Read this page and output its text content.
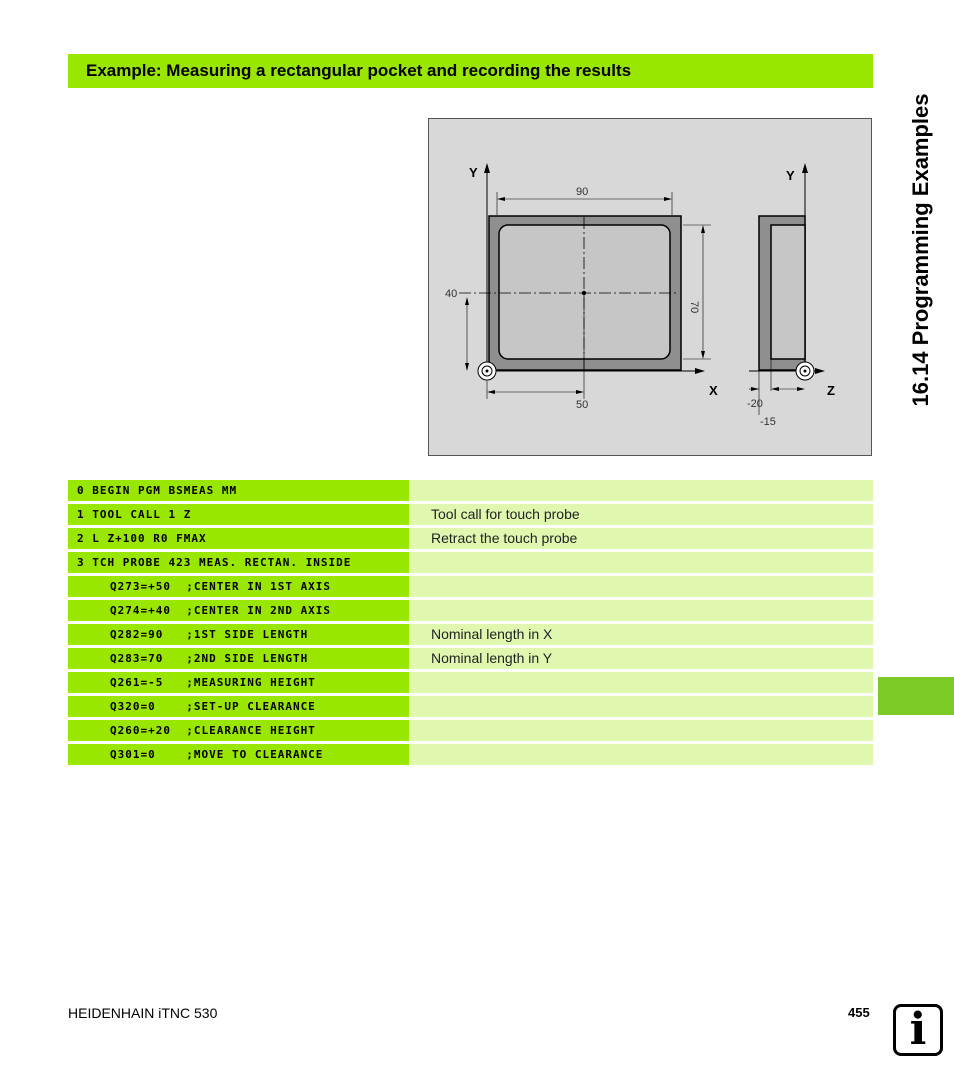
Example: Measuring a rectangular pocket and recording the results
16.14 Programming Examples
Y
X
Y
Z
90
70
40
50	-20
-15
0 BEGIN PGM BSMEAS MM
1 TOOL CALL 1 Z	Tool call for touch probe
2 L Z+100 R0 FMAX	Retract the touch probe
3 TCH PROBE 423 MEAS. RECTAN. INSIDE
Q273=+50  ;CENTER IN 1ST AXIS
Q274=+40  ;CENTER IN 2ND AXIS
Q282=90   ;1ST SIDE LENGTH	Nominal length in X
Q283=70   ;2ND SIDE LENGTH	Nominal length in Y
Q261=-5   ;MEASURING HEIGHT
Q320=0    ;SET-UP CLEARANCE
Q260=+20  ;CLEARANCE HEIGHT
Q301=0    ;MOVE TO CLEARANCE
HEIDENHAIN iTNC 530	455 i
